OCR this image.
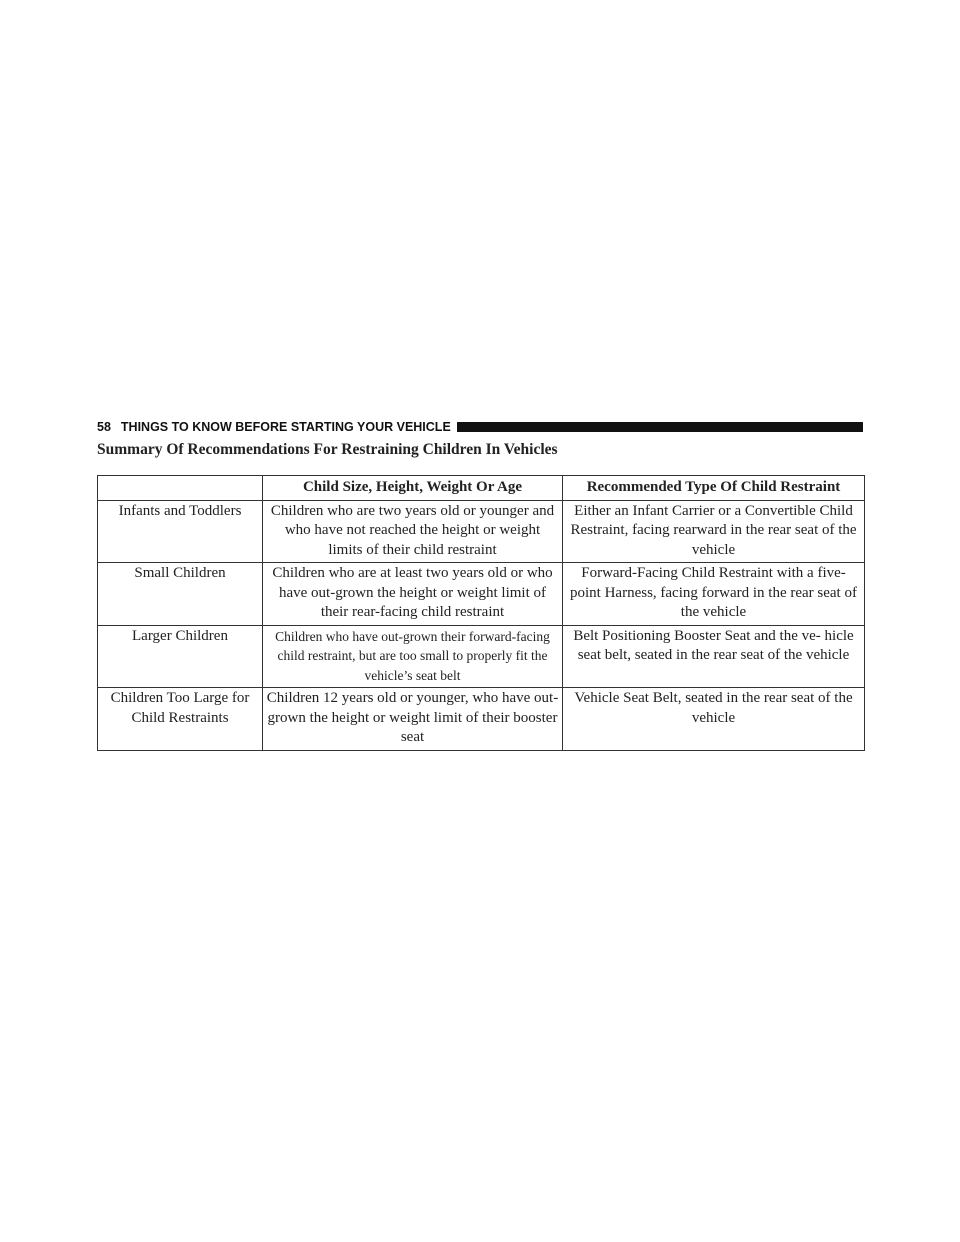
58 THINGS TO KNOW BEFORE STARTING YOUR VEHICLE
Summary Of Recommendations For Restraining Children In Vehicles
	Child Size, Height, Weight Or Age	Recommended Type Of Child Restraint
Infants and Toddlers	Children who are two years old or younger and who have not reached the height or weight limits of their child restraint	Either an Infant Carrier or a Convertible Child Restraint, facing rearward in the rear seat of the vehicle
Small Children	Children who are at least two years old or who have out-grown the height or weight limit of their rear-facing child restraint	Forward-Facing Child Restraint with a five-point Harness, facing forward in the rear seat of the vehicle
Larger Children	Children who have out-grown their forward-facing child restraint, but are too small to properly fit the vehicle’s seat belt	Belt Positioning Booster Seat and the ve- hicle seat belt, seated in the rear seat of the vehicle
Children Too Large for Child Restraints	Children 12 years old or younger, who have out-grown the height or weight limit of their booster seat	Vehicle Seat Belt, seated in the rear seat of the vehicle
